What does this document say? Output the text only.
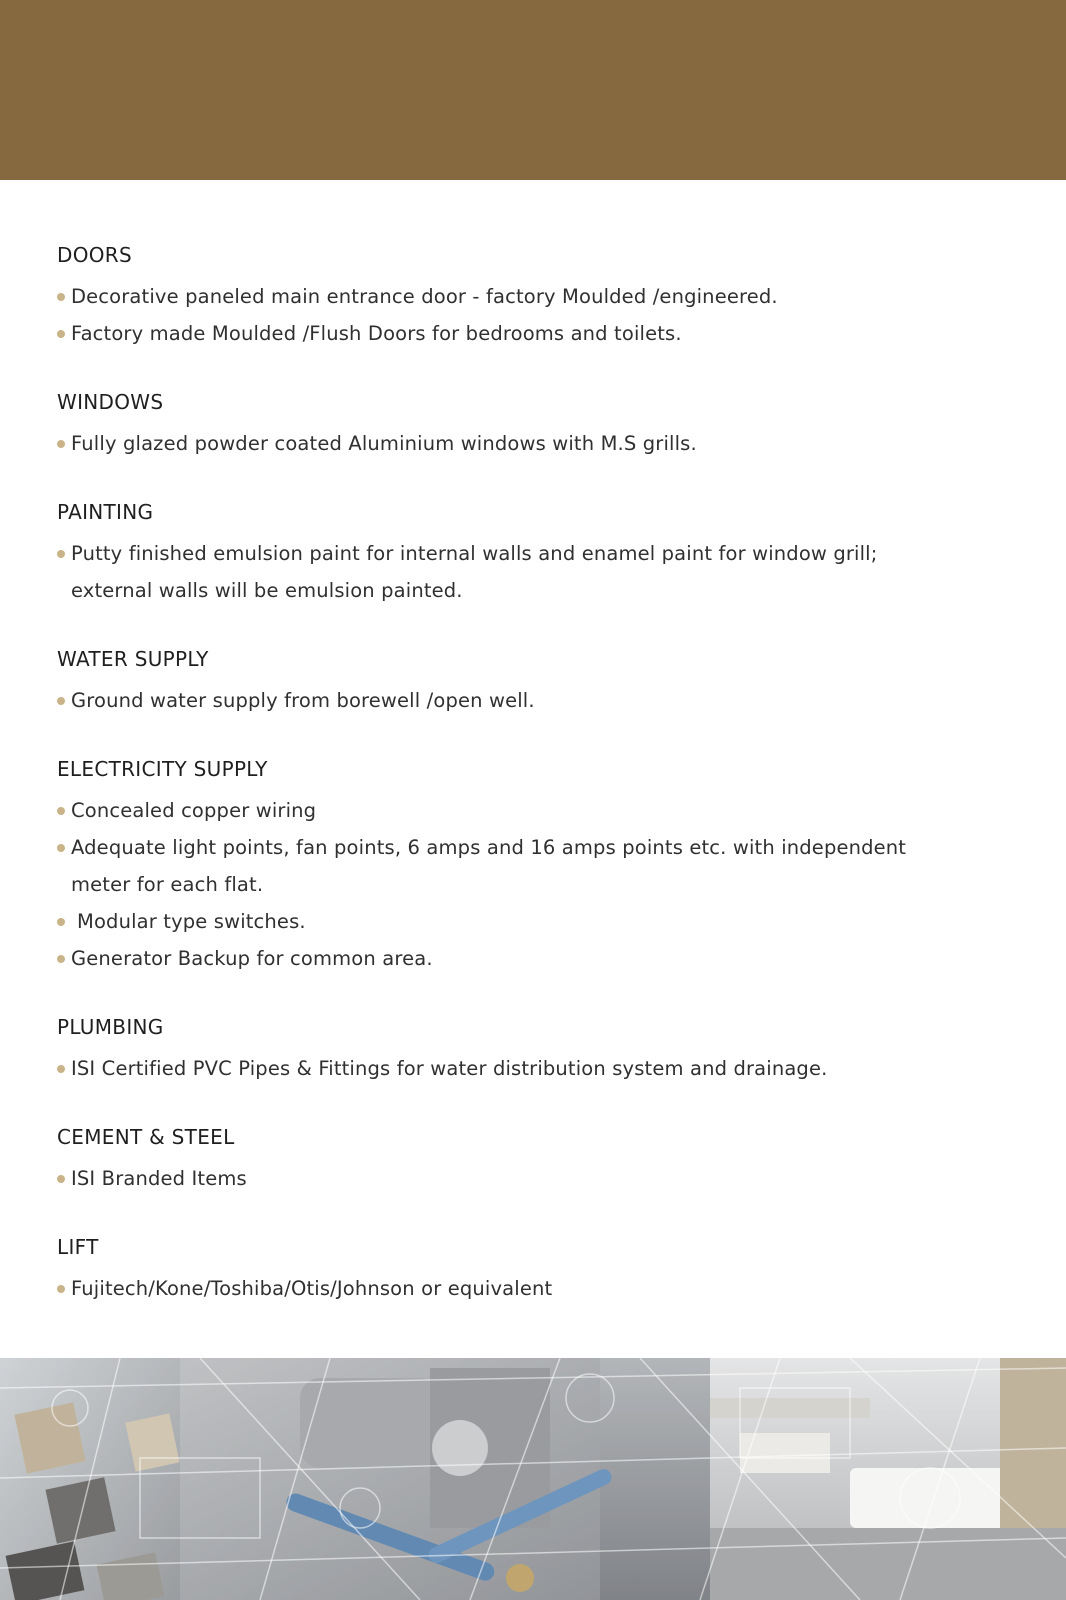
DOORS

Decorative paneled main entrance door - factory Moulded /engineered.

Factory made Moulded /Flush Doors for bedrooms and toilets.

WINDOWS

Fully glazed powder coated Aluminium windows with M.S grills.

PAINTING

Putty finished emulsion paint for internal walls and enamel paint for window grill; external walls will be emulsion painted.

WATER SUPPLY

Ground water supply from borewell /open well.

ELECTRICITY SUPPLY

Concealed copper wiring

Adequate light points, fan points, 6 amps and 16 amps points etc. with independent meter for each flat.

Modular type switches.

Generator Backup for common area.

PLUMBING

ISI Certified PVC Pipes & Fittings for water distribution system and drainage.

CEMENT & STEEL

ISI Branded Items

LIFT

Fujitech/Kone/Toshiba/Otis/Johnson or equivalent
